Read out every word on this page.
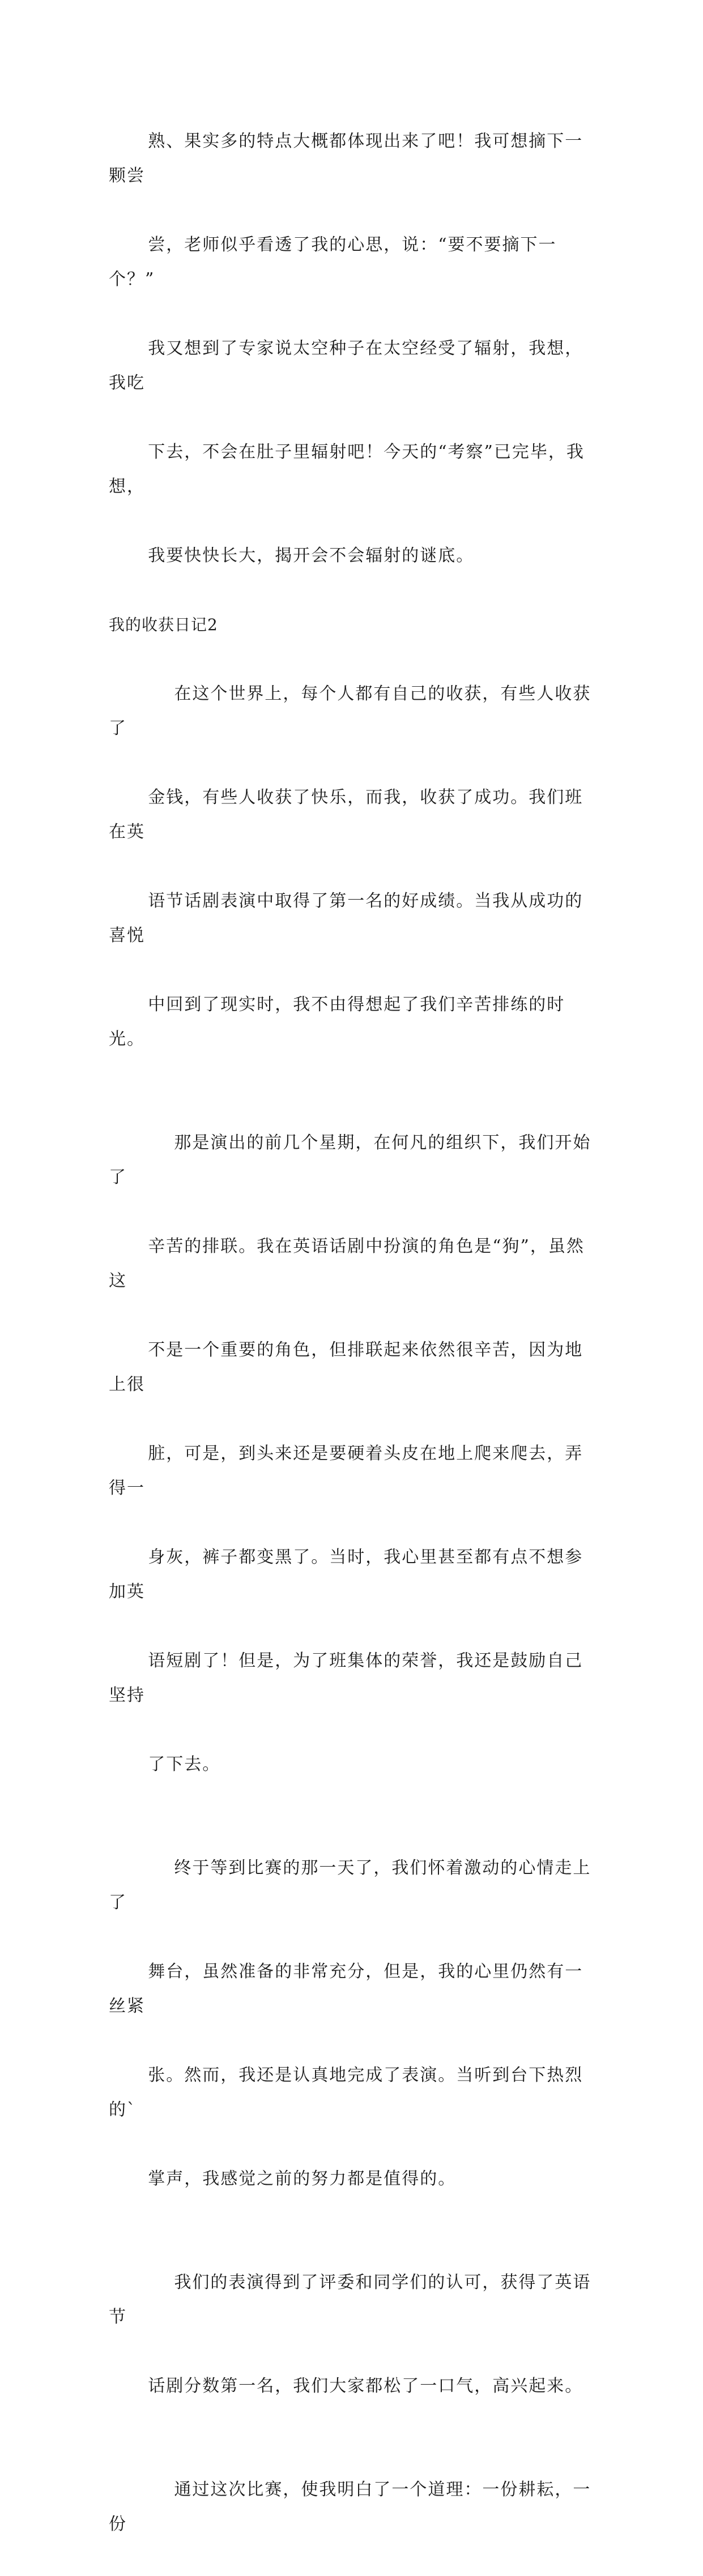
熟、果实多的特点大概都体现出来了吧！我可想摘下一颗尝

尝，老师似乎看透了我的心思，说：“要不要摘下一个？”

我又想到了专家说太空种子在太空经受了辐射，我想，我吃

下去，不会在肚子里辐射吧！今天的“考察”已完毕，我想，

我要快快长大，揭开会不会辐射的谜底。

我的收获日记2

在这个世界上，每个人都有自己的收获，有些人收获了

金钱，有些人收获了快乐，而我，收获了成功。我们班在英

语节话剧表演中取得了第一名的好成绩。当我从成功的喜悦

中回到了现实时，我不由得想起了我们辛苦排练的时光。

那是演出的前几个星期，在何凡的组织下，我们开始了

辛苦的排联。我在英语话剧中扮演的角色是“狗”，虽然这

不是一个重要的角色，但排联起来依然很辛苦，因为地上很

脏，可是，到头来还是要硬着头皮在地上爬来爬去，弄得一

身灰，裤子都变黑了。当时，我心里甚至都有点不想参加英

语短剧了！但是，为了班集体的荣誉，我还是鼓励自己坚持

了下去。

终于等到比赛的那一天了，我们怀着激动的心情走上了

舞台，虽然准备的非常充分，但是，我的心里仍然有一丝紧

张。然而，我还是认真地完成了表演。当听到台下热烈的`

掌声，我感觉之前的努力都是值得的。

我们的表演得到了评委和同学们的认可，获得了英语节

话剧分数第一名，我们大家都松了一口气，高兴起来。

通过这次比赛，使我明白了一个道理：一份耕耘，一份
